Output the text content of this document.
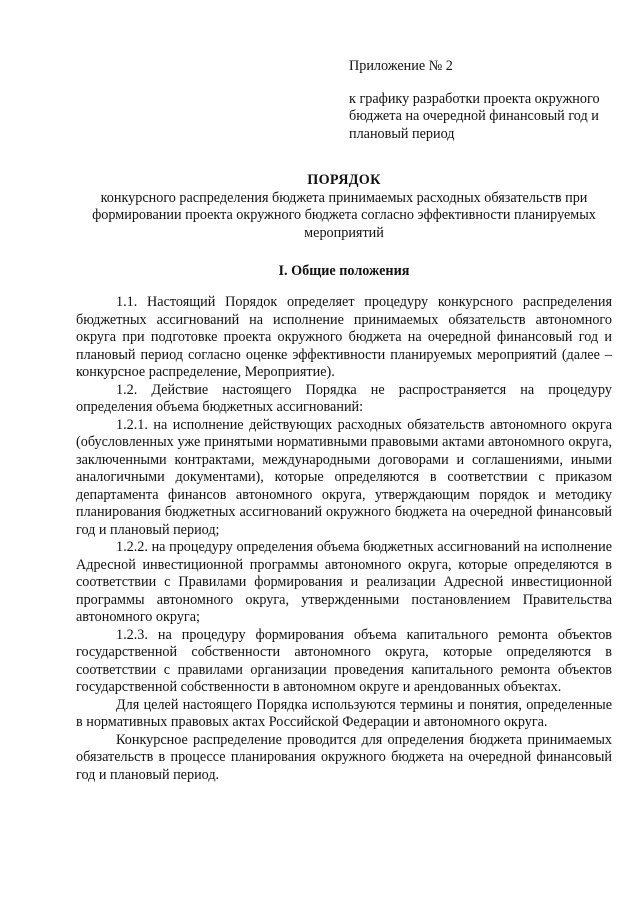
Приложение № 2

к графику разработки проекта окружного бюджета на очередной финансовый год и плановый период

ПОРЯДОК

конкурсного распределения бюджета принимаемых расходных обязательств при формировании проекта окружного бюджета согласно эффективности планируемых мероприятий

I. Общие положения

1.1. Настоящий Порядок определяет процедуру конкурсного распределения бюджетных ассигнований на исполнение принимаемых обязательств автономного округа при подготовке проекта окружного бюджета на очередной финансовый год и плановый период согласно оценке эффективности планируемых мероприятий (далее – конкурсное распределение, Мероприятие).

1.2. Действие настоящего Порядка не распространяется на процедуру определения объема бюджетных ассигнований:

1.2.1. на исполнение действующих расходных обязательств автономного округа (обусловленных уже принятыми нормативными правовыми актами автономного округа, заключенными контрактами, международными договорами и соглашениями, иными аналогичными документами), которые определяются в соответствии с приказом департамента финансов автономного округа, утверждающим порядок и методику планирования бюджетных ассигнований окружного бюджета на очередной финансовый год и плановый период;

1.2.2. на процедуру определения объема бюджетных ассигнований на исполнение Адресной инвестиционной программы автономного округа, которые определяются в соответствии с Правилами формирования и реализации Адресной инвестиционной программы автономного округа, утвержденными постановлением Правительства автономного округа;

1.2.3. на процедуру формирования объема капитального ремонта объектов государственной собственности автономного округа, которые определяются в соответствии с правилами организации проведения капитального ремонта объектов государственной собственности в автономном округе и арендованных объектах.

Для целей настоящего Порядка используются термины и понятия, определенные в нормативных правовых актах Российской Федерации и автономного округа.

Конкурсное распределение проводится для определения бюджета принимаемых обязательств в процессе планирования окружного бюджета на очередной финансовый год и плановый период.
